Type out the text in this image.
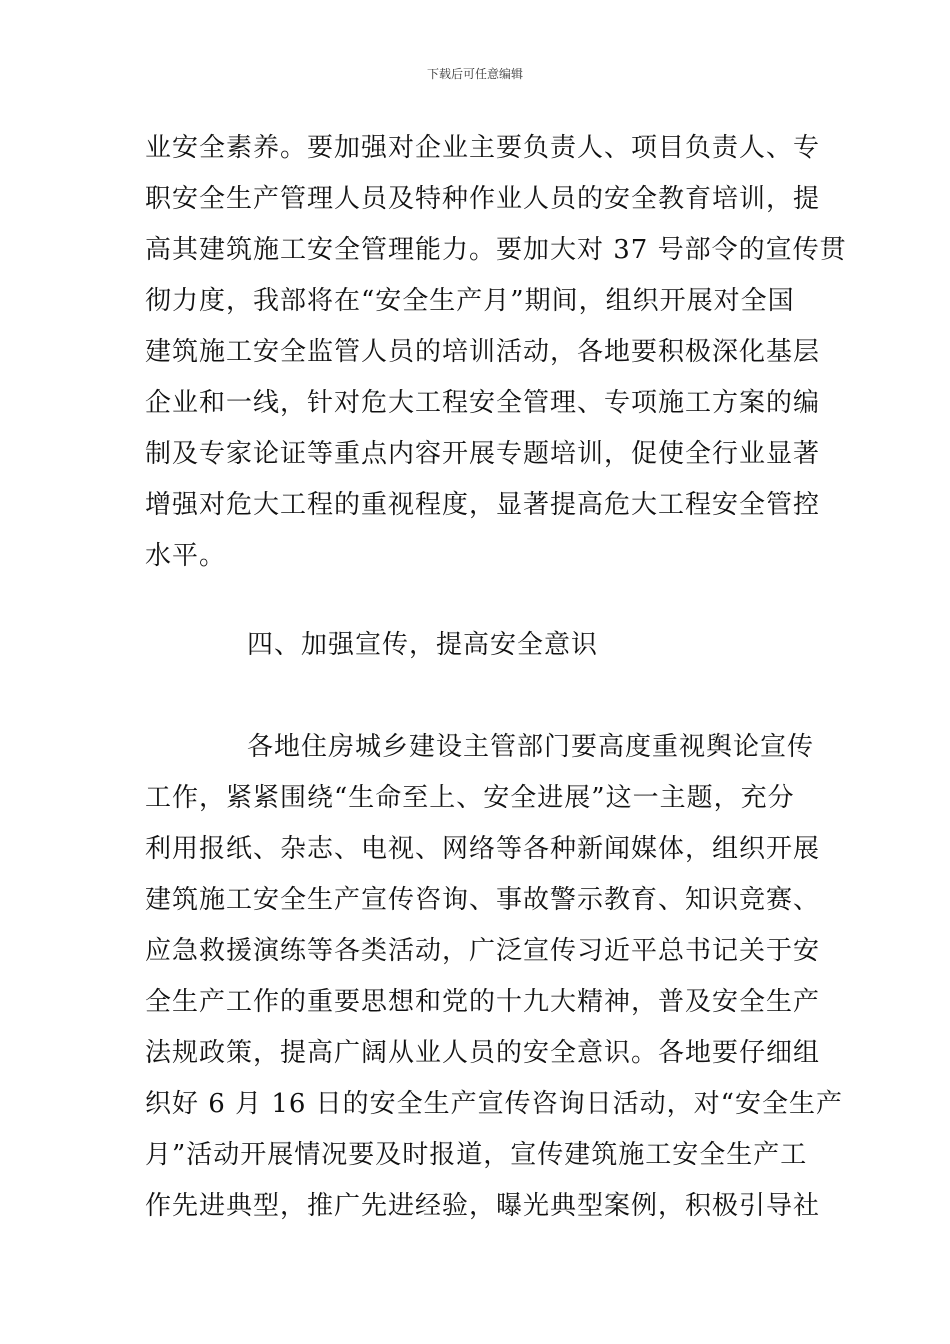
下载后可任意编辑
业安全素养。要加强对企业主要负责人、项目负责人、专
职安全生产管理人员及特种作业人员的安全教育培训，提
高其建筑施工安全管理能力。要加大对 37 号部令的宣传贯
彻力度，我部将在“安全生产月”期间，组织开展对全国
建筑施工安全监管人员的培训活动，各地要积极深化基层
企业和一线，针对危大工程安全管理、专项施工方案的编
制及专家论证等重点内容开展专题培训，促使全行业显著
增强对危大工程的重视程度，显著提高危大工程安全管控
水平。
四、加强宣传，提高安全意识
各地住房城乡建设主管部门要高度重视舆论宣传
工作，紧紧围绕“生命至上、安全进展”这一主题，充分
利用报纸、杂志、电视、网络等各种新闻媒体，组织开展
建筑施工安全生产宣传咨询、事故警示教育、知识竞赛、
应急救援演练等各类活动，广泛宣传习近平总书记关于安
全生产工作的重要思想和党的十九大精神，普及安全生产
法规政策，提高广阔从业人员的安全意识。各地要仔细组
织好 6 月 16 日的安全生产宣传咨询日活动，对“安全生产
月”活动开展情况要及时报道，宣传建筑施工安全生产工
作先进典型，推广先进经验，曝光典型案例，积极引导社
